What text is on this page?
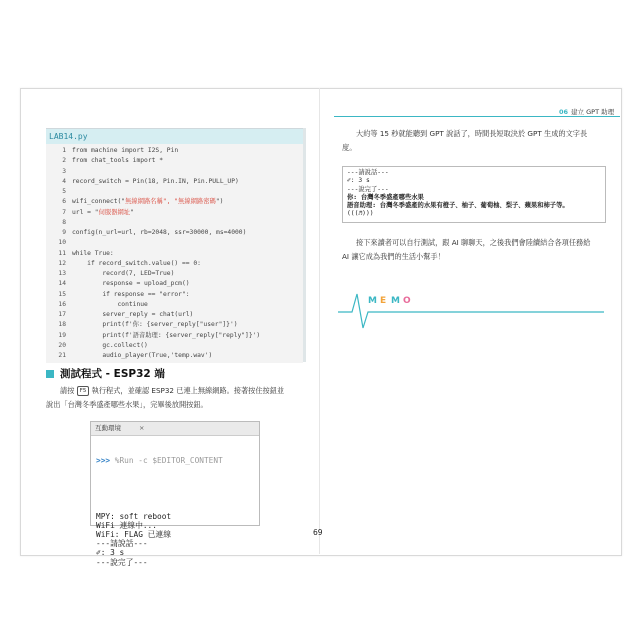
LAB14.py
1 from machine import I2S, Pin
2 from chat_tools import *
3
4 record_switch = Pin(18, Pin.IN, Pin.PULL_UP)
5
6 wifi_connect("無線網路名稱", "無線網路密碼")
7 url = "伺服器網址"
8
9 config(n_url=url, rb=2048, ssr=30000, ms=4000)
10
11 while True:
12 if record_switch.value() == 0:
13 record(7, LED=True)
14 response = upload_pcm()
15 if response == "error":
16 continue
17 server_reply = chat(url)
18 print(f'你: {server_reply["user"]}')
19 print(f'語音助理: {server_reply["reply"]}')
20 gc.collect()
21 audio_player(True,'temp.wav')
測試程式 - ESP32 端
請按 F5 執行程式，並確認 ESP32 已連上無線網路。接著按住按鈕並
說出「台灣冬季盛產哪些水果」，完畢後放開按鈕。
互動環境	×

>>> %Run -c $EDITOR_CONTENT

MPY: soft reboot
WiFi 連線中...
WiFi: FLAG 已連線
---請說話---
✐: 3 s
---說完了---

69
06 建立 GPT 助理
大約等 15 秒就能聽到 GPT 說話了，時間長短取決於 GPT 生成的文字長
度。
---請說話---
✐: 3 s
---說完了---
你: 台灣冬季盛產哪些水果
語音助理: 台灣冬季盛產的水果有橙子、柚子、葡萄柚、梨子、蘋果和柿子等。
(((♬)))
接下來讀者可以自行測試，跟 AI 聊聊天，之後我們會陸續結合各項任務給
AI 讓它成為我們的生活小幫手！
M E M O
